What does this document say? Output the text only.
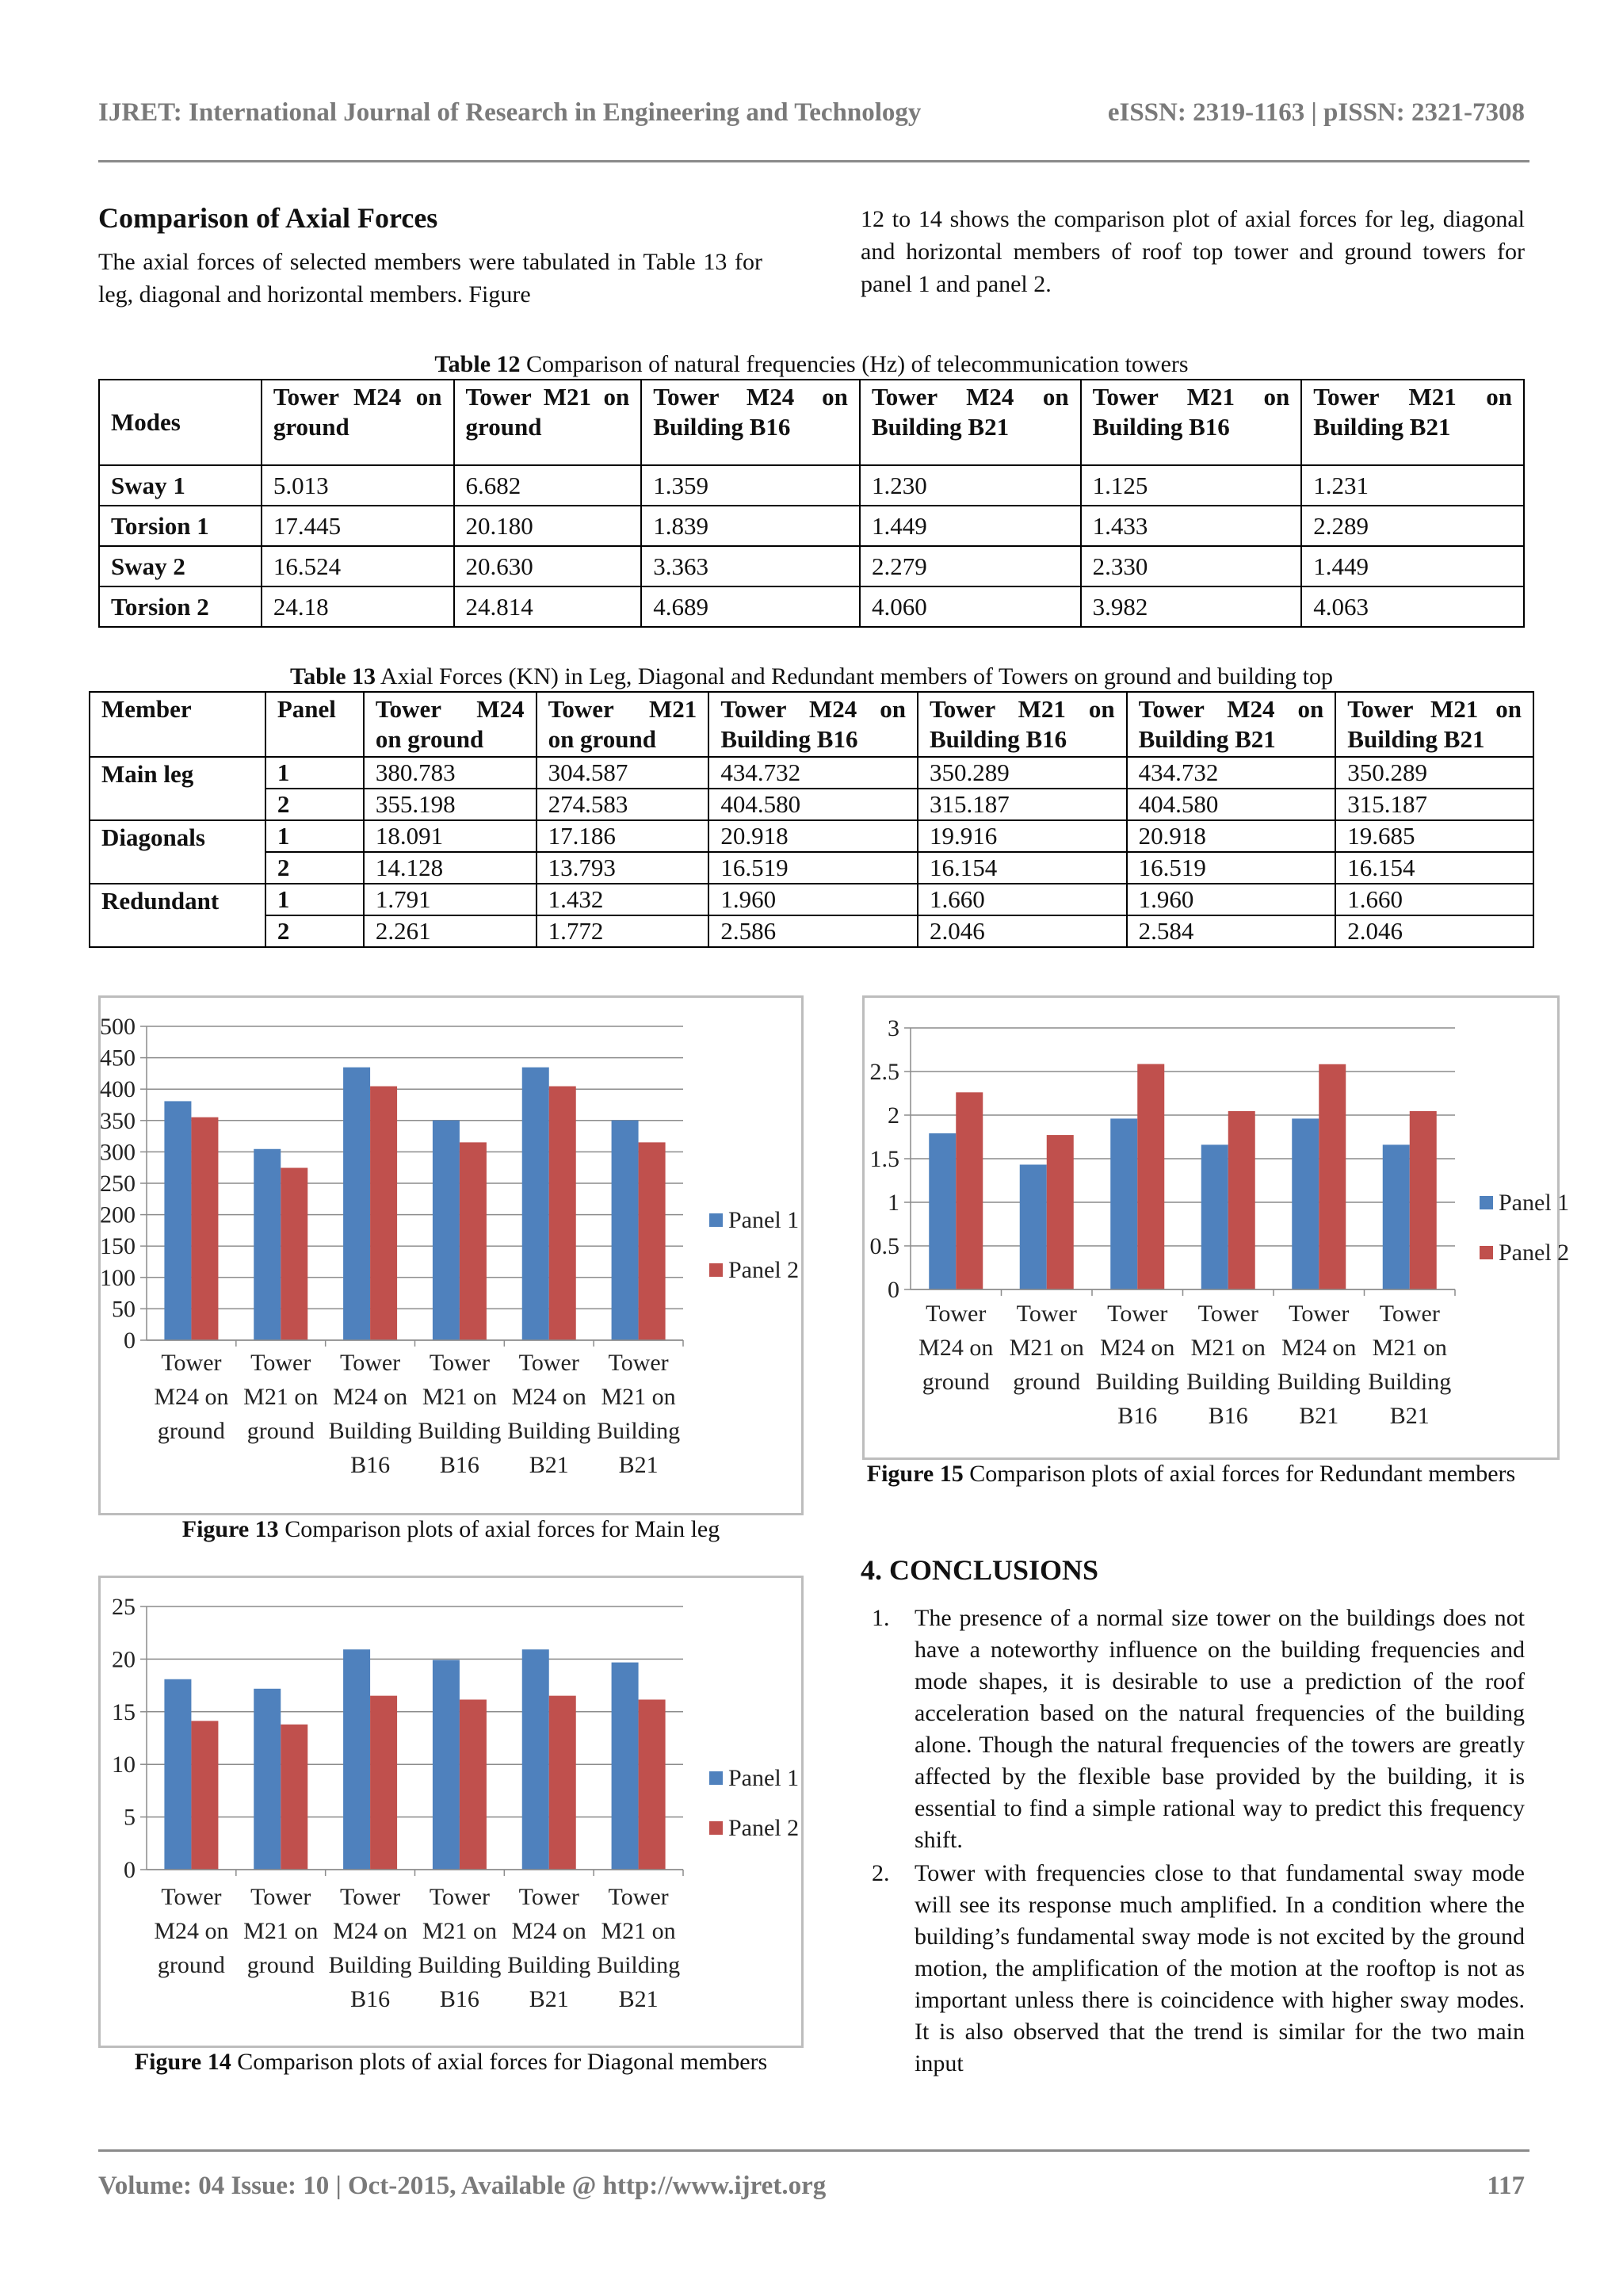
IJRET: International Journal of Research in Engineering and Technology	eISSN: 2319-1163 | pISSN: 2321-7308
Comparison of Axial Forces
The axial forces of selected members were tabulated in Table 13 for leg, diagonal and horizontal members. Figure
12 to 14 shows the comparison plot of axial forces for leg, diagonal and horizontal members of roof top tower and ground towers for panel 1 and panel 2.
Table 12 Comparison of natural frequencies (Hz) of telecommunication towers
Modes	Tower M24 on ground	Tower M21 on ground	Tower M24 on Building B16	Tower M24 on Building B21	Tower M21 on Building B16	Tower M21 on Building B21
Sway 1	5.013	6.682	1.359	1.230	1.125	1.231
Torsion 1	17.445	20.180	1.839	1.449	1.433	2.289
Sway 2	16.524	20.630	3.363	2.279	2.330	1.449
Torsion 2	24.18	24.814	4.689	4.060	3.982	4.063
Table 13 Axial Forces (KN) in Leg, Diagonal and Redundant members of Towers on ground and building top
Member	Panel	Tower M24 on ground	Tower M21 on ground	Tower M24 on Building B16	Tower M21 on Building B16	Tower M24 on Building B21	Tower M21 on Building B21
Main leg	1	380.783	304.587	434.732	350.289	434.732	350.289
	2	355.198	274.583	404.580	315.187	404.580	315.187
Diagonals	1	18.091	17.186	20.918	19.916	20.918	19.685
	2	14.128	13.793	16.519	16.154	16.519	16.154
Redundant	1	1.791	1.432	1.960	1.660	1.960	1.660
	2	2.261	1.772	2.586	2.046	2.584	2.046
0
50
100
150
200
250
300
350
400
450
500
Tower
M24 on
ground
Tower
M21 on
ground
Tower
M24 on
Building
B16
Tower
M21 on
Building
B16
Tower
M24 on
Building
B21
Tower
M21 on
Building
B21
Panel 1
Panel 2
Figure 13 Comparison plots of axial forces for Main leg
0
5
10
15
20
25
Tower
M24 on
ground
Tower
M21 on
ground
Tower
M24 on
Building
B16
Tower
M21 on
Building
B16
Tower
M24 on
Building
B21
Tower
M21 on
Building
B21
Panel 1
Panel 2
Figure 14 Comparison plots of axial forces for Diagonal members
0
0.5
1
1.5
2
2.5
3
Tower
M24 on
ground
Tower
M21 on
ground
Tower
M24 on
Building
B16
Tower
M21 on
Building
B16
Tower
M24 on
Building
B21
Tower
M21 on
Building
B21
Panel 1
Panel 2
Figure 15 Comparison plots of axial forces for Redundant members
4. CONCLUSIONS
1. The presence of a normal size tower on the buildings does not have a noteworthy influence on the building frequencies and mode shapes, it is desirable to use a prediction of the roof acceleration based on the natural frequencies of the building alone. Though the natural frequencies of the towers are greatly affected by the flexible base provided by the building, it is essential to find a simple rational way to predict this frequency shift.
2. Tower with frequencies close to that fundamental sway mode will see its response much amplified. In a condition where the building’s fundamental sway mode is not excited by the ground motion, the amplification of the motion at the rooftop is not as important unless there is coincidence with higher sway modes. It is also observed that the trend is similar for the two main input
Volume: 04 Issue: 10 | Oct-2015, Available @ http://www.ijret.org	117
